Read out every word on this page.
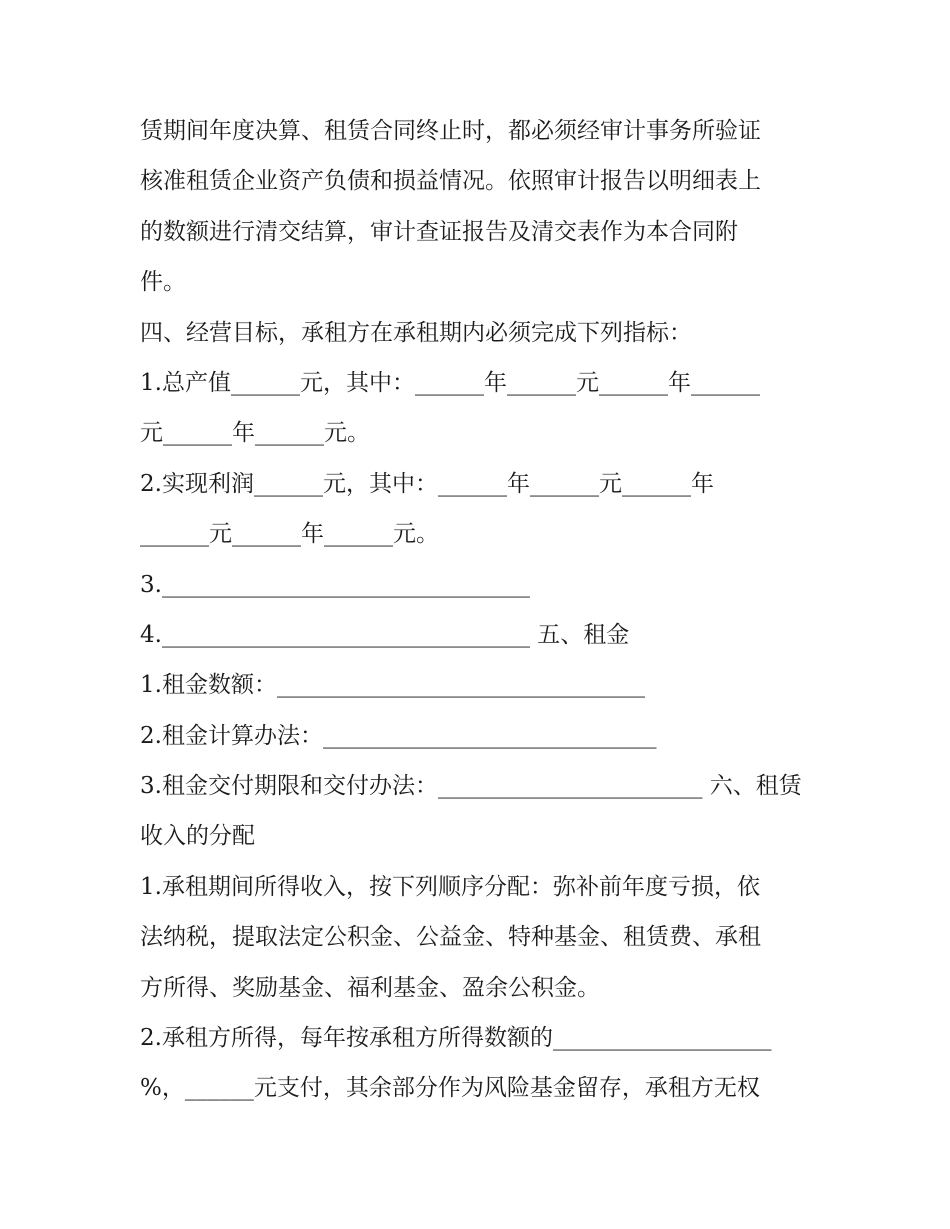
赁期间年度决算、租赁合同终止时，都必须经审计事务所验证
核准租赁企业资产负债和损益情况。依照审计报告以明细表上
的数额进行清交结算，审计查证报告及清交表作为本合同附
件。
四、经营目标，承租方在承租期内必须完成下列指标：
1.总产值______元，其中：______年______元______年______
元______年______元。
2.实现利润______元，其中：______年______元______年
______元______年______元。
3.________________________________
4.________________________________ 五、租金
1.租金数额：________________________________
2.租金计算办法：_____________________________
3.租金交付期限和交付办法：_______________________ 六、租赁
收入的分配
1.承租期间所得收入，按下列顺序分配：弥补前年度亏损，依
法纳税，提取法定公积金、公益金、特种基金、租赁费、承租
方所得、奖励基金、福利基金、盈余公积金。
2.承租方所得，每年按承租方所得数额的___________________
%，______元支付，其余部分作为风险基金留存，承租方无权
